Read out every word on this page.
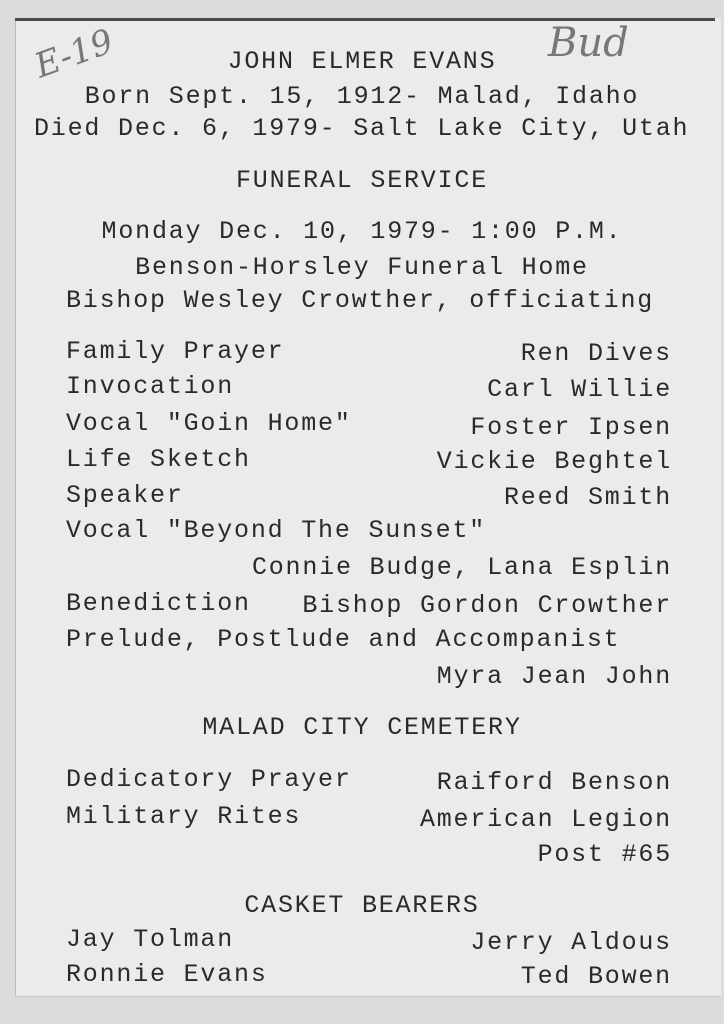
E-19	Bud
JOHN ELMER EVANS
Born Sept. 15, 1912- Malad, Idaho
Died Dec. 6, 1979- Salt Lake City, Utah
FUNERAL SERVICE
Monday Dec. 10, 1979- 1:00 P.M.
Benson-Horsley Funeral Home
Bishop Wesley Crowther, officiating
Family Prayer	Ren Dives
Invocation	Carl Willie
Vocal "Goin Home"	Foster Ipsen
Life Sketch	Vickie Beghtel
Speaker	Reed Smith
Vocal "Beyond The Sunset"
Connie Budge, Lana Esplin
Benediction Bishop Gordon Crowther
Prelude, Postlude and Accompanist
Myra Jean John
MALAD CITY CEMETERY
Dedicatory Prayer	Raiford Benson
Military Rites	American Legion
Post #65
CASKET BEARERS
Jay Tolman	Jerry Aldous
Ronnie Evans	Ted Bowen
